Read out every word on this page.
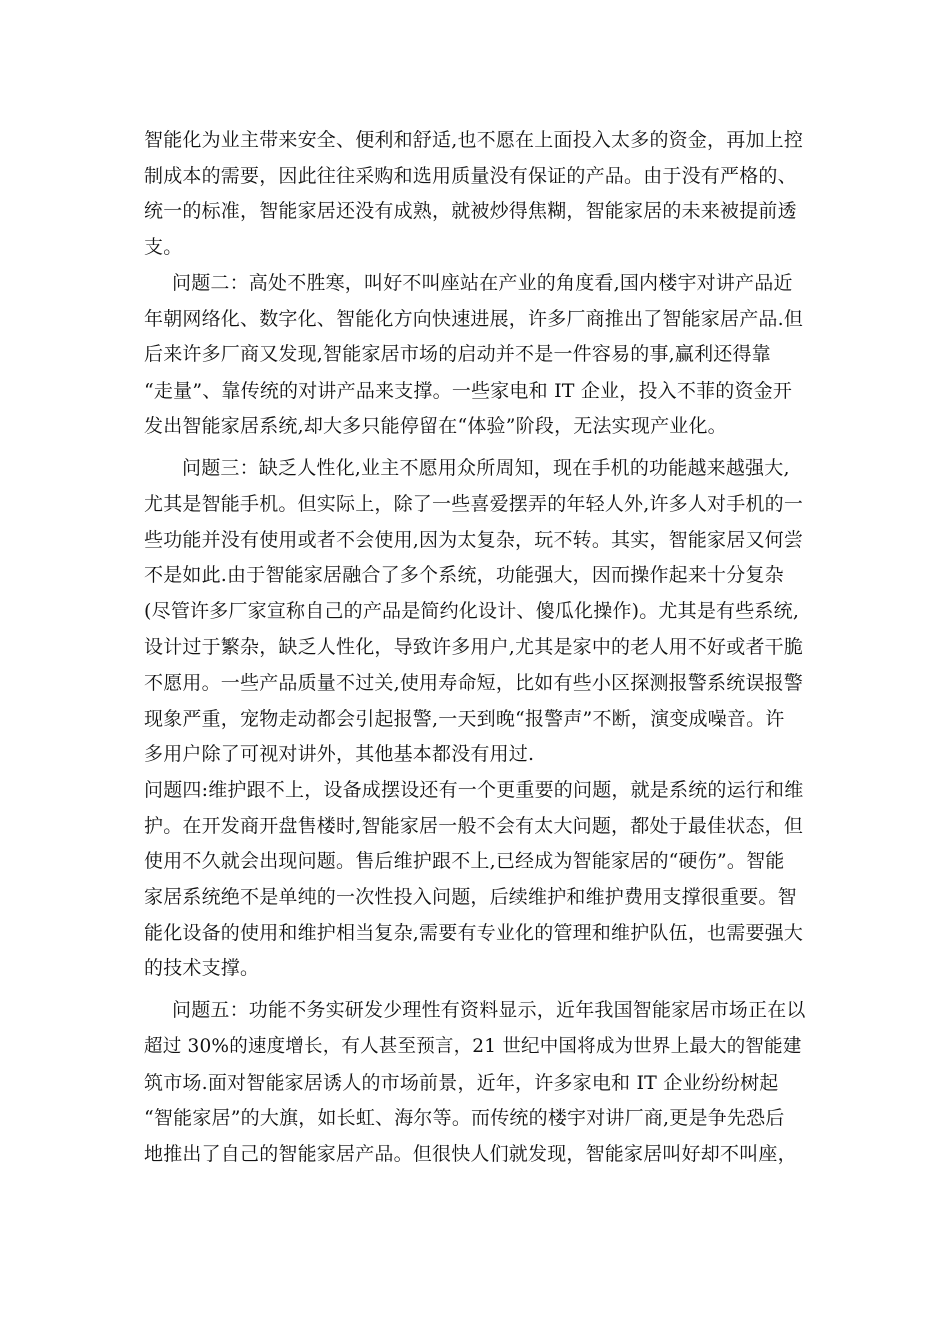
智能化为业主带来安全、便利和舒适,也不愿在上面投入太多的资金，再加上控
制成本的需要，因此往往采购和选用质量没有保证的产品。由于没有严格的、
统一的标准，智能家居还没有成熟，就被炒得焦糊，智能家居的未来被提前透
支。
问题二：高处不胜寒，叫好不叫座站在产业的角度看,国内楼宇对讲产品近
年朝网络化、数字化、智能化方向快速进展，许多厂商推出了智能家居产品.但
后来许多厂商又发现,智能家居市场的启动并不是一件容易的事,赢利还得靠
“走量”、靠传统的对讲产品来支撑。一些家电和 IT 企业，投入不菲的资金开
发出智能家居系统,却大多只能停留在“体验”阶段，无法实现产业化。
问题三：缺乏人性化,业主不愿用众所周知，现在手机的功能越来越强大,
尤其是智能手机。但实际上，除了一些喜爱摆弄的年轻人外,许多人对手机的一
些功能并没有使用或者不会使用,因为太复杂，玩不转。其实，智能家居又何尝
不是如此.由于智能家居融合了多个系统，功能强大，因而操作起来十分复杂
(尽管许多厂家宣称自己的产品是简约化设计、傻瓜化操作)。尤其是有些系统,
设计过于繁杂，缺乏人性化，导致许多用户,尤其是家中的老人用不好或者干脆
不愿用。一些产品质量不过关,使用寿命短，比如有些小区探测报警系统误报警
现象严重，宠物走动都会引起报警,一天到晚“报警声”不断，演变成噪音。许
多用户除了可视对讲外，其他基本都没有用过.
问题四:维护跟不上，设备成摆设还有一个更重要的问题，就是系统的运行和维
护。在开发商开盘售楼时,智能家居一般不会有太大问题，都处于最佳状态，但
使用不久就会出现问题。售后维护跟不上,已经成为智能家居的“硬伤”。智能
家居系统绝不是单纯的一次性投入问题，后续维护和维护费用支撑很重要。智
能化设备的使用和维护相当复杂,需要有专业化的管理和维护队伍，也需要强大
的技术支撑。
问题五：功能不务实研发少理性有资料显示，近年我国智能家居市场正在以
超过 30%的速度增长，有人甚至预言，21 世纪中国将成为世界上最大的智能建
筑市场.面对智能家居诱人的市场前景，近年，许多家电和 IT 企业纷纷树起
“智能家居”的大旗，如长虹、海尔等。而传统的楼宇对讲厂商,更是争先恐后
地推出了自己的智能家居产品。但很快人们就发现，智能家居叫好却不叫座，
